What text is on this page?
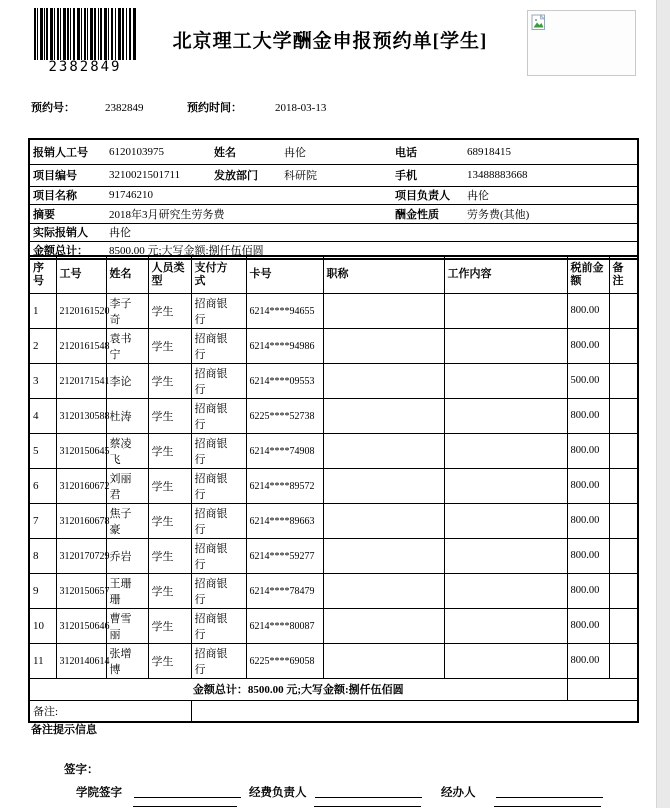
2382849
北京理工大学酬金申报预约单[学生]
预约号：	2382849	预约时间：	2018-03-13
报销人工号	6120103975	姓名	冉伦	电话	68918415
项目编号	3210021501711	发放部门	科研院	手机	13488883668
项目名称	91746210			项目负责人	冉伦
摘要	2018年3月研究生劳务费			酬金性质	劳务费(其他)
实际报销人	冉伦				
金额总计：	8500.00 元;大写金额:捌仟伍佰圆				
序号	工号	姓名	人员类型	支付方式	卡号	职称	工作内容	税前金额	备注
1	2120161520	李子奇	学生	招商银行	6214****94655			800.00	
2	2120161548	袁书宁	学生	招商银行	6214****94986			800.00	
3	2120171541	李论	学生	招商银行	6214****09553			500.00	
4	3120130588	杜涛	学生	招商银行	6225****52738			800.00	
5	3120150645	蔡凌飞	学生	招商银行	6214****74908			800.00	
6	3120160672	刘丽君	学生	招商银行	6214****89572			800.00	
7	3120160678	焦子豪	学生	招商银行	6214****89663			800.00	
8	3120170729	乔岩	学生	招商银行	6214****59277			800.00	
9	3120150657	王珊珊	学生	招商银行	6214****78479			800.00	
10	3120150646	曹雪丽	学生	招商银行	6214****80087			800.00	
11	3120140614	张增博	学生	招商银行	6225****69058			800.00	
金额总计：8500.00 元;大写金额:捌仟伍佰圆									
备注:									
备注提示信息
签字：
学院签字	经费负责人	经办人
